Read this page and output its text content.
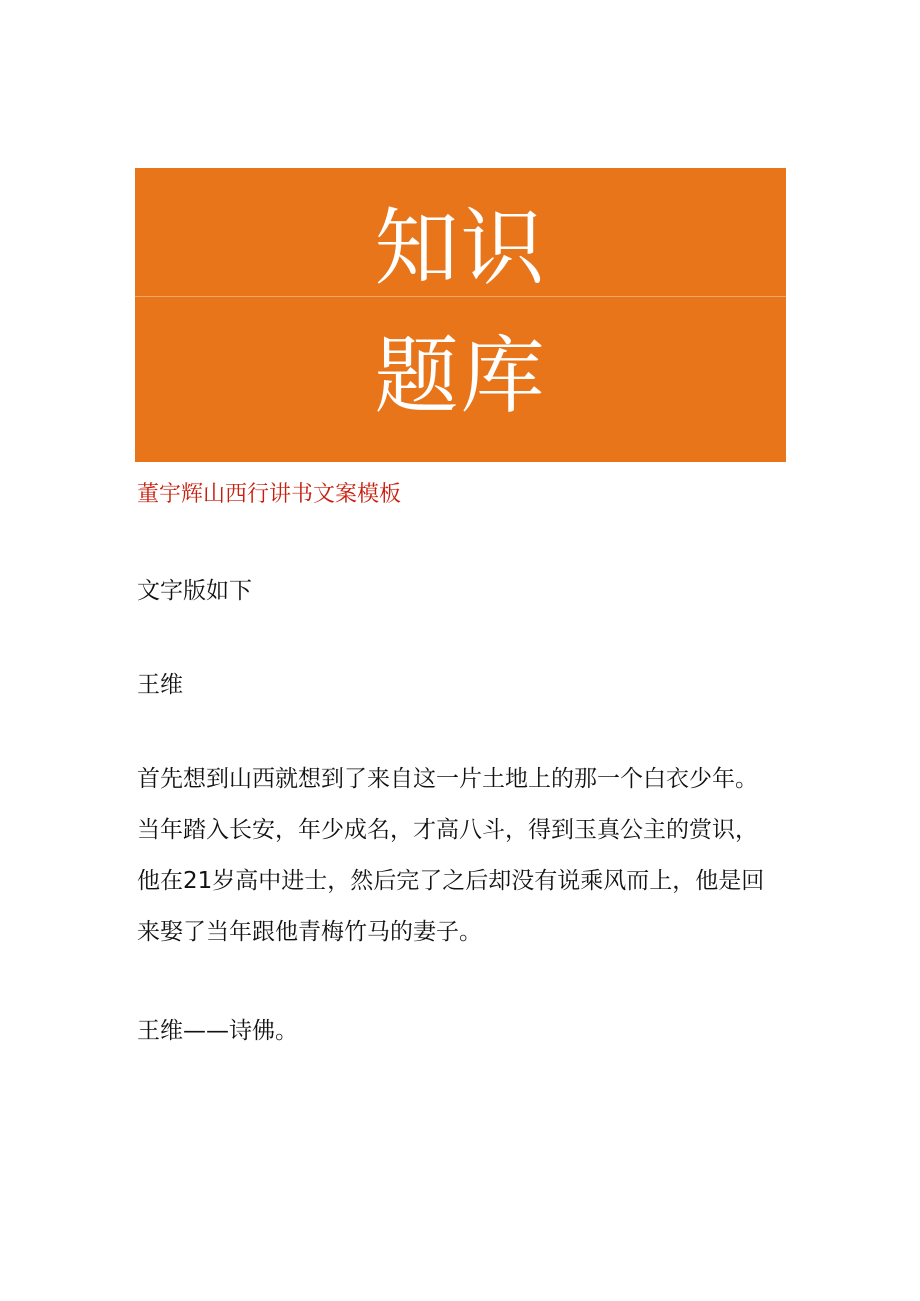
知识
题库
董宇辉山西行讲书文案模板

文字版如下

王维

首先想到山西就想到了来自这一片土地上的那一个白衣少年。
当年踏入长安，年少成名，才高八斗，得到玉真公主的赏识，
他在21岁高中进士，然后完了之后却没有说乘风而上，他是回
来娶了当年跟他青梅竹马的妻子。

王维——诗佛。
